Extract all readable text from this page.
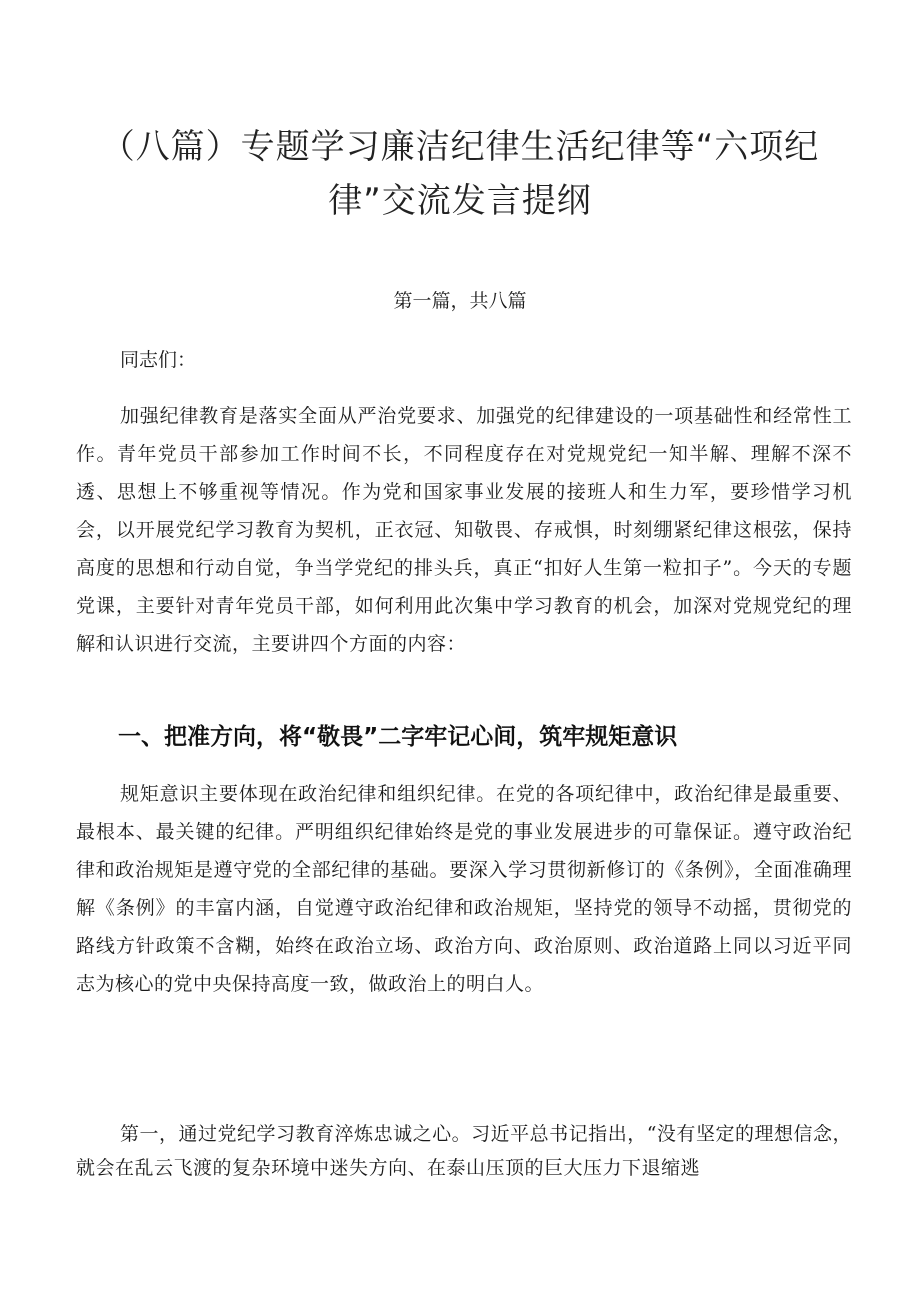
（八篇）专题学习廉洁纪律生活纪律等“六项纪律”交流发言提纲

第一篇，共八篇

同志们：

加强纪律教育是落实全面从严治党要求、加强党的纪律建设的一项基础性和经常性工作。青年党员干部参加工作时间不长，不同程度存在对党规党纪一知半解、理解不深不透、思想上不够重视等情况。作为党和国家事业发展的接班人和生力军，要珍惜学习机会，以开展党纪学习教育为契机，正衣冠、知敬畏、存戒惧，时刻绷紧纪律这根弦，保持高度的思想和行动自觉，争当学党纪的排头兵，真正“扣好人生第一粒扣子”。今天的专题党课，主要针对青年党员干部，如何利用此次集中学习教育的机会，加深对党规党纪的理解和认识进行交流，主要讲四个方面的内容：

一、把准方向，将“敬畏”二字牢记心间，筑牢规矩意识

规矩意识主要体现在政治纪律和组织纪律。在党的各项纪律中，政治纪律是最重要、最根本、最关键的纪律。严明组织纪律始终是党的事业发展进步的可靠保证。遵守政治纪律和政治规矩是遵守党的全部纪律的基础。要深入学习贯彻新修订的《条例》，全面准确理解《条例》的丰富内涵，自觉遵守政治纪律和政治规矩，坚持党的领导不动摇，贯彻党的路线方针政策不含糊，始终在政治立场、政治方向、政治原则、政治道路上同以习近平同志为核心的党中央保持高度一致，做政治上的明白人。

第一，通过党纪学习教育淬炼忠诚之心。习近平总书记指出，“没有坚定的理想信念，就会在乱云飞渡的复杂环境中迷失方向、在泰山压顶的巨大压力下退缩逃
